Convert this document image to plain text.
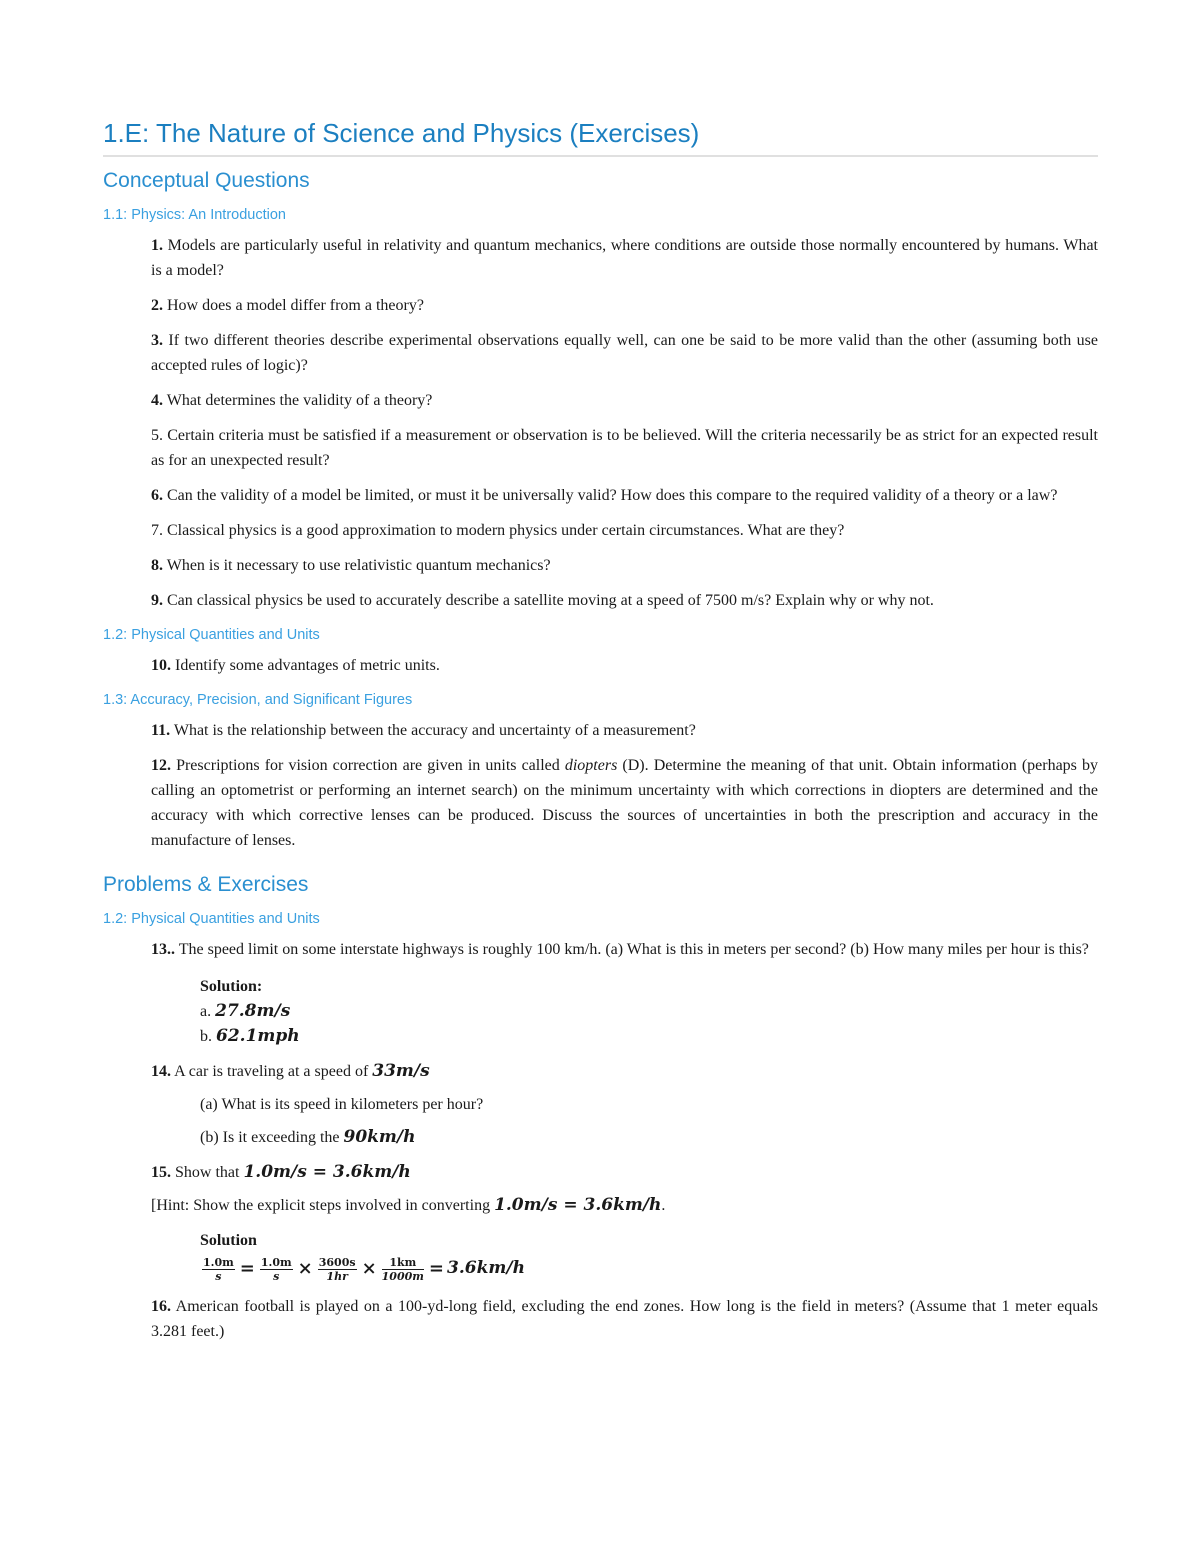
1.E: The Nature of Science and Physics (Exercises)
Conceptual Questions
1.1: Physics: An Introduction
1. Models are particularly useful in relativity and quantum mechanics, where conditions are outside those normally encountered by humans. What is a model?
2. How does a model differ from a theory?
3. If two different theories describe experimental observations equally well, can one be said to be more valid than the other (assuming both use accepted rules of logic)?
4. What determines the validity of a theory?
5. Certain criteria must be satisfied if a measurement or observation is to be believed. Will the criteria necessarily be as strict for an expected result as for an unexpected result?
6. Can the validity of a model be limited, or must it be universally valid? How does this compare to the required validity of a theory or a law?
7. Classical physics is a good approximation to modern physics under certain circumstances. What are they?
8. When is it necessary to use relativistic quantum mechanics?
9. Can classical physics be used to accurately describe a satellite moving at a speed of 7500 m/s? Explain why or why not.
1.2: Physical Quantities and Units
10. Identify some advantages of metric units.
1.3: Accuracy, Precision, and Significant Figures
11. What is the relationship between the accuracy and uncertainty of a measurement?
12. Prescriptions for vision correction are given in units called diopters (D). Determine the meaning of that unit. Obtain information (perhaps by calling an optometrist or performing an internet search) on the minimum uncertainty with which corrections in diopters are determined and the accuracy with which corrective lenses can be produced. Discuss the sources of uncertainties in both the prescription and accuracy in the manufacture of lenses.
Problems & Exercises
1.2: Physical Quantities and Units
13.. The speed limit on some interstate highways is roughly 100 km/h. (a) What is this in meters per second? (b) How many miles per hour is this?
Solution:
a. 27.8m/s
b. 62.1mph
14. A car is traveling at a speed of 33m/s
(a) What is its speed in kilometers per hour?
(b) Is it exceeding the 90km/h
15. Show that 1.0m/s = 3.6km/h
[Hint: Show the explicit steps involved in converting 1.0m/s = 3.6km/h.
Solution
$\frac{1.0m}{s} = \frac{1.0m}{s} \times \frac{3600s}{1hr} \times \frac{1km}{1000m} = 3.6km/h$
16. American football is played on a 100-yd-long field, excluding the end zones. How long is the field in meters? (Assume that 1 meter equals 3.281 feet.)
